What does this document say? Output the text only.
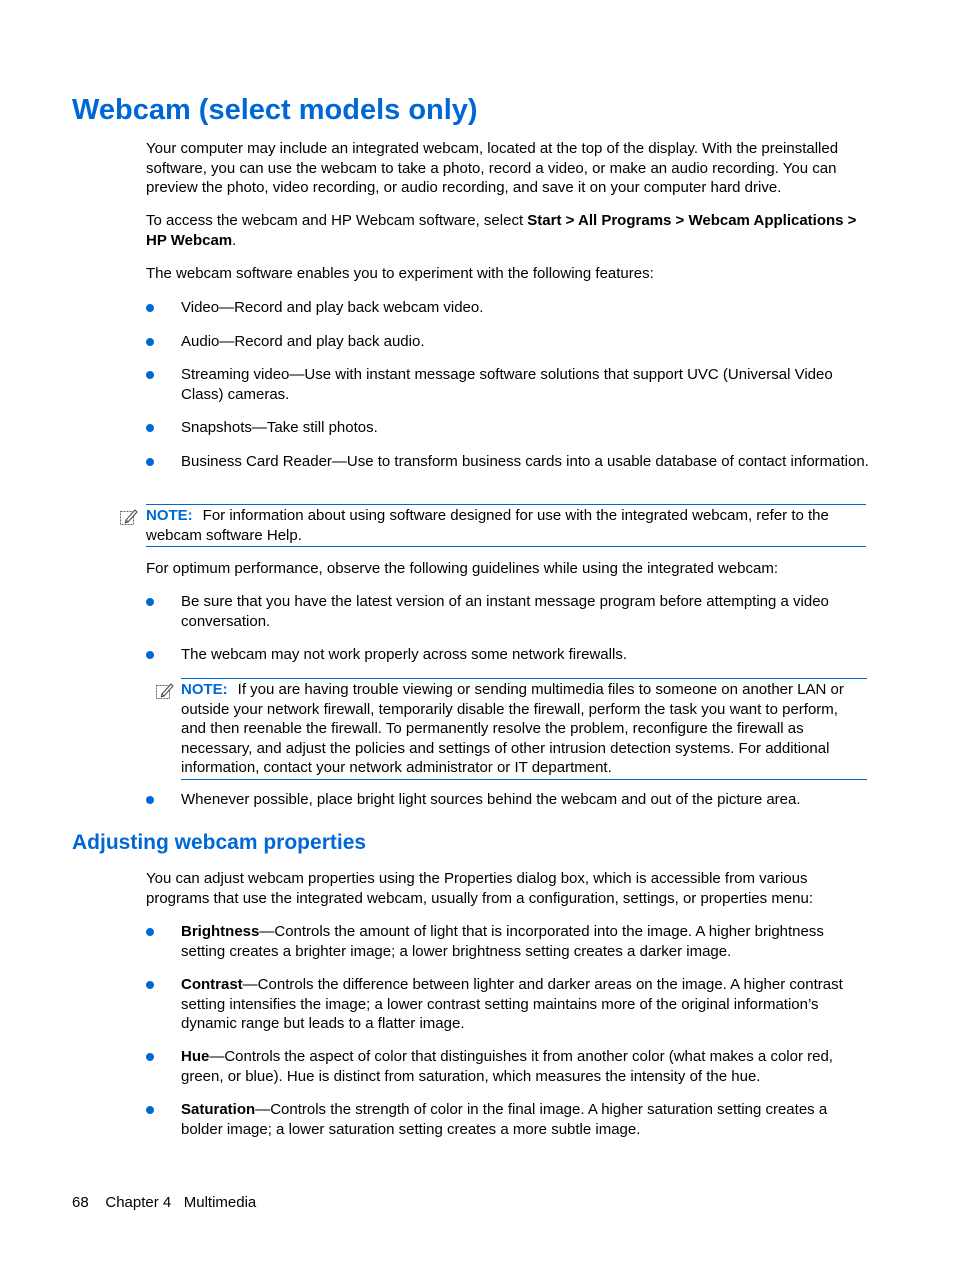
Webcam (select models only)

Your computer may include an integrated webcam, located at the top of the display. With the preinstalled software, you can use the webcam to take a photo, record a video, or make an audio recording. You can preview the photo, video recording, or audio recording, and save it on your computer hard drive.

To access the webcam and HP Webcam software, select Start > All Programs > Webcam Applications > HP Webcam.

The webcam software enables you to experiment with the following features:

Video—Record and play back webcam video.

Audio—Record and play back audio.

Streaming video—Use with instant message software solutions that support UVC (Universal Video Class) cameras.

Snapshots—Take still photos.

Business Card Reader—Use to transform business cards into a usable database of contact information.

NOTE: For information about using software designed for use with the integrated webcam, refer to the webcam software Help.

For optimum performance, observe the following guidelines while using the integrated webcam:

Be sure that you have the latest version of an instant message program before attempting a video conversation.

The webcam may not work properly across some network firewalls.

NOTE: If you are having trouble viewing or sending multimedia files to someone on another LAN or outside your network firewall, temporarily disable the firewall, perform the task you want to perform, and then reenable the firewall. To permanently resolve the problem, reconfigure the firewall as necessary, and adjust the policies and settings of other intrusion detection systems. For additional information, contact your network administrator or IT department.

Whenever possible, place bright light sources behind the webcam and out of the picture area.

Adjusting webcam properties

You can adjust webcam properties using the Properties dialog box, which is accessible from various programs that use the integrated webcam, usually from a configuration, settings, or properties menu:

Brightness—Controls the amount of light that is incorporated into the image. A higher brightness setting creates a brighter image; a lower brightness setting creates a darker image.

Contrast—Controls the difference between lighter and darker areas on the image. A higher contrast setting intensifies the image; a lower contrast setting maintains more of the original information’s dynamic range but leads to a flatter image.

Hue—Controls the aspect of color that distinguishes it from another color (what makes a color red, green, or blue). Hue is distinct from saturation, which measures the intensity of the hue.

Saturation—Controls the strength of color in the final image. A higher saturation setting creates a bolder image; a lower saturation setting creates a more subtle image.

68 Chapter 4 Multimedia
